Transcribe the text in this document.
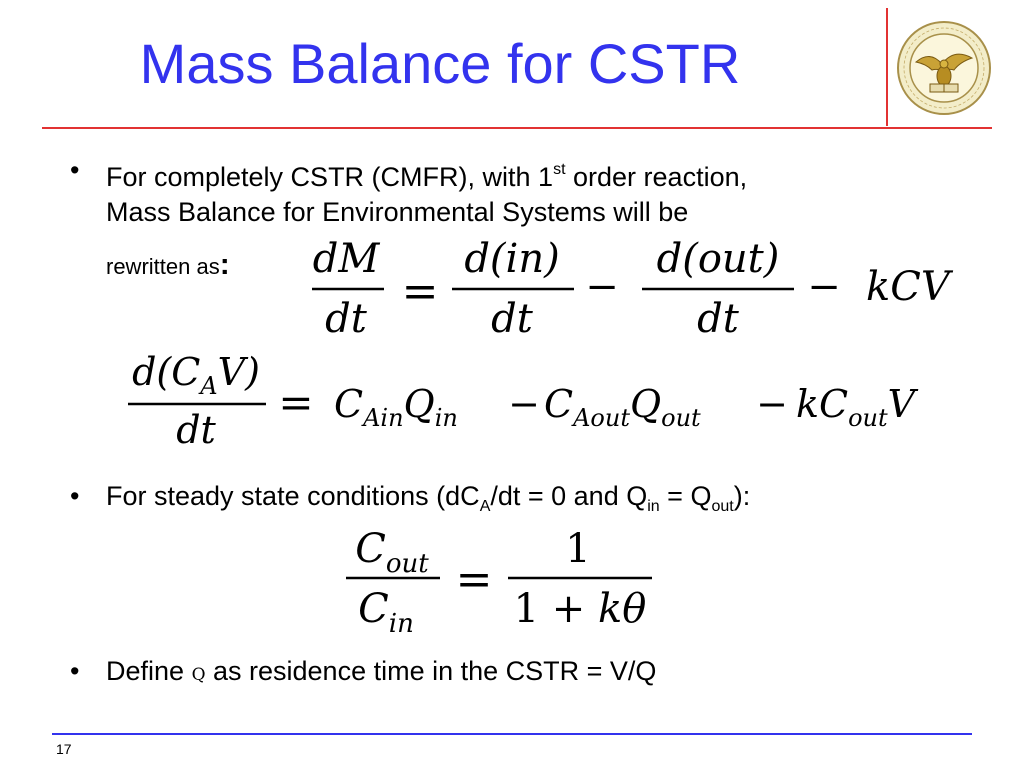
Mass Balance for CSTR
• For completely CSTR (CMFR), with 1st order reaction,
Mass Balance for Environmental Systems will be
rewritten as: dM
dt
=
d(in)
dt
−
d(out)
dt
− kCV
$d(C_AV)$
dt
= $C_{Ain}Q_{in} - C_{Aout}Q_{out} - kC_{out}V$
• For steady state conditions ($dC_A/dt = 0$ and $Q_{in} = Q_{out}$):
$C_{out}$
$C_{in}$
=
1
1 + kθ
• Define Q as residence time in the CSTR = V/Q
17
